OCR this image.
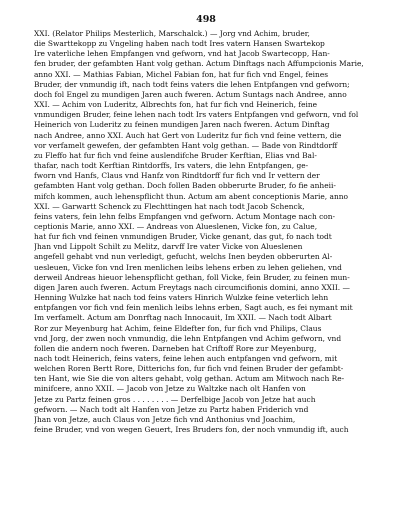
498
XXI. (Relator Philips Mesterlich, Marschalck.) — Jorg vnd Achim, bruder,
die Swarttekopp zu Vngeling haben nach todt Ires vatern Hansen Swartekop
Ire vaterliche lehen Empfangen vnd gefworn, vnd hat Jacob Swartecopp, Han-
fen bruder, der gefambten Hant volg gethan. Actum Dinftags nach Affumpcionis Marie,
anno XXI. — Mathias Fabian, Michel Fabian fon, hat fur fich vnd Engel, feines
Bruder, der vnmundig ift, nach todt feins vaters die lehen Entpfangen vnd gefworn;
doch fol Engel zu mundigen Jaren auch fweren. Actum Suntags nach Andree, anno
XXI. — Achim von Luderitz, Albrechts fon, hat fur fich vnd Heinerich, feine
vnmundigen Bruder, feine lehen nach todt Irs vaters Entpfangen vnd gefworn, vnd fol
Heinerich von Luderitz zu feinen mundigen Jaren nach fweren. Actum Dinftag
nach Andree, anno XXI. Auch hat Gert von Luderitz fur fich vnd feine vettern, die
vor verfamelt gewefen, der gefambten Hant volg gethan. — Bade von Rindtdorff
zu Fleffo hat fur fich vnd feine auslendifche Bruder Kerftian, Elias vnd Bal-
thafar, nach todt Kerftian Rintdorffs, Irs vaters, die lehn Entpfangen, ge-
fworn vnd Hanfs, Claus vnd Hanfz von Rindtdorff fur fich vnd Ir vettern der
gefambten Hant volg gethan. Doch follen Baden obberurte Bruder, fo fie anheii-
mifch kommen, auch lehenspflicht thun. Actum am abent conceptionis Marie, anno
XXI. — Garwartt Schenck zu Flechttingen hat nach todt Jacob Schenck,
feins vaters, fein lehn felbs Empfangen vnd gefworn. Actum Montage nach con-
ceptionis Marie, anno XXI. — Andreas von Alueslenen, Vicke fon, zu Calue,
hat fur fich vnd feinen vnmundigen Bruder, Vicke genant, das gut, fo nach todt
Jhan vnd Lippolt Schilt zu Melitz, darvff Ire vater Vicke von Alueslenen
angefell gehabt vnd nun verledigt, gefucht, welchs Inen beyden obberurten Al-
uesleuen, Vicke fon vnd Iren menlichen leibs lehens erben zu lehen geliehen, vnd
derweil Andreas hieuor lehenspflicht gethan, foll Vicke, fein Bruder, zu feinen mun-
digen Jaren auch fweren. Actum Freytags nach circumcifionis domini, anno XXII. —
Henning Wulzke hat nach tod feins vaters Hinrich Wulzke feine veterlich lehn
entpfangen vor fich vnd fein menlich leibs lehns erben, Sagt auch, es fei nymant mit
Im verfamelt. Actum am Donrftag nach Innocauit, Im XXII. — Nach todt Albart
Ror zur Meyenburg hat Achim, feine Eldefter fon, fur fich vnd Philips, Claus
vnd Jorg, der zwen noch vnmundig, die lehn Entpfangen vnd Achim gefworn, vnd
follen die andern noch fweren. Darneben hat Criftoff Rore zur Meyenburg,
nach todt Heinerich, feins vaters, feine lehen auch entpfangen vnd gefworn, mit
welchen Roren Bertt Rore, Ditterichs fon, fur fich vnd feinen Bruder der gefambt-
ten Hant, wie Sie die von alters gehabt, volg gethan. Actum am Mitwoch nach Re-
minifcere, anno XXII. — Jacob von Jetze zu Waltzke nach olt Hanfen von
Jetze zu Partz feinen gros . . . . . . . . — Derfelbige Jacob von Jetze hat auch
gefworn. — Nach todt alt Hanfen von Jetze zu Partz haben Friderich vnd
Jhan von Jetze, auch Claus von Jetze fich vnd Anthonius vnd Joachim,
feine Bruder, vnd von wegen Geuert, Ires Bruders fon, der noch vnmundig ift, auch
